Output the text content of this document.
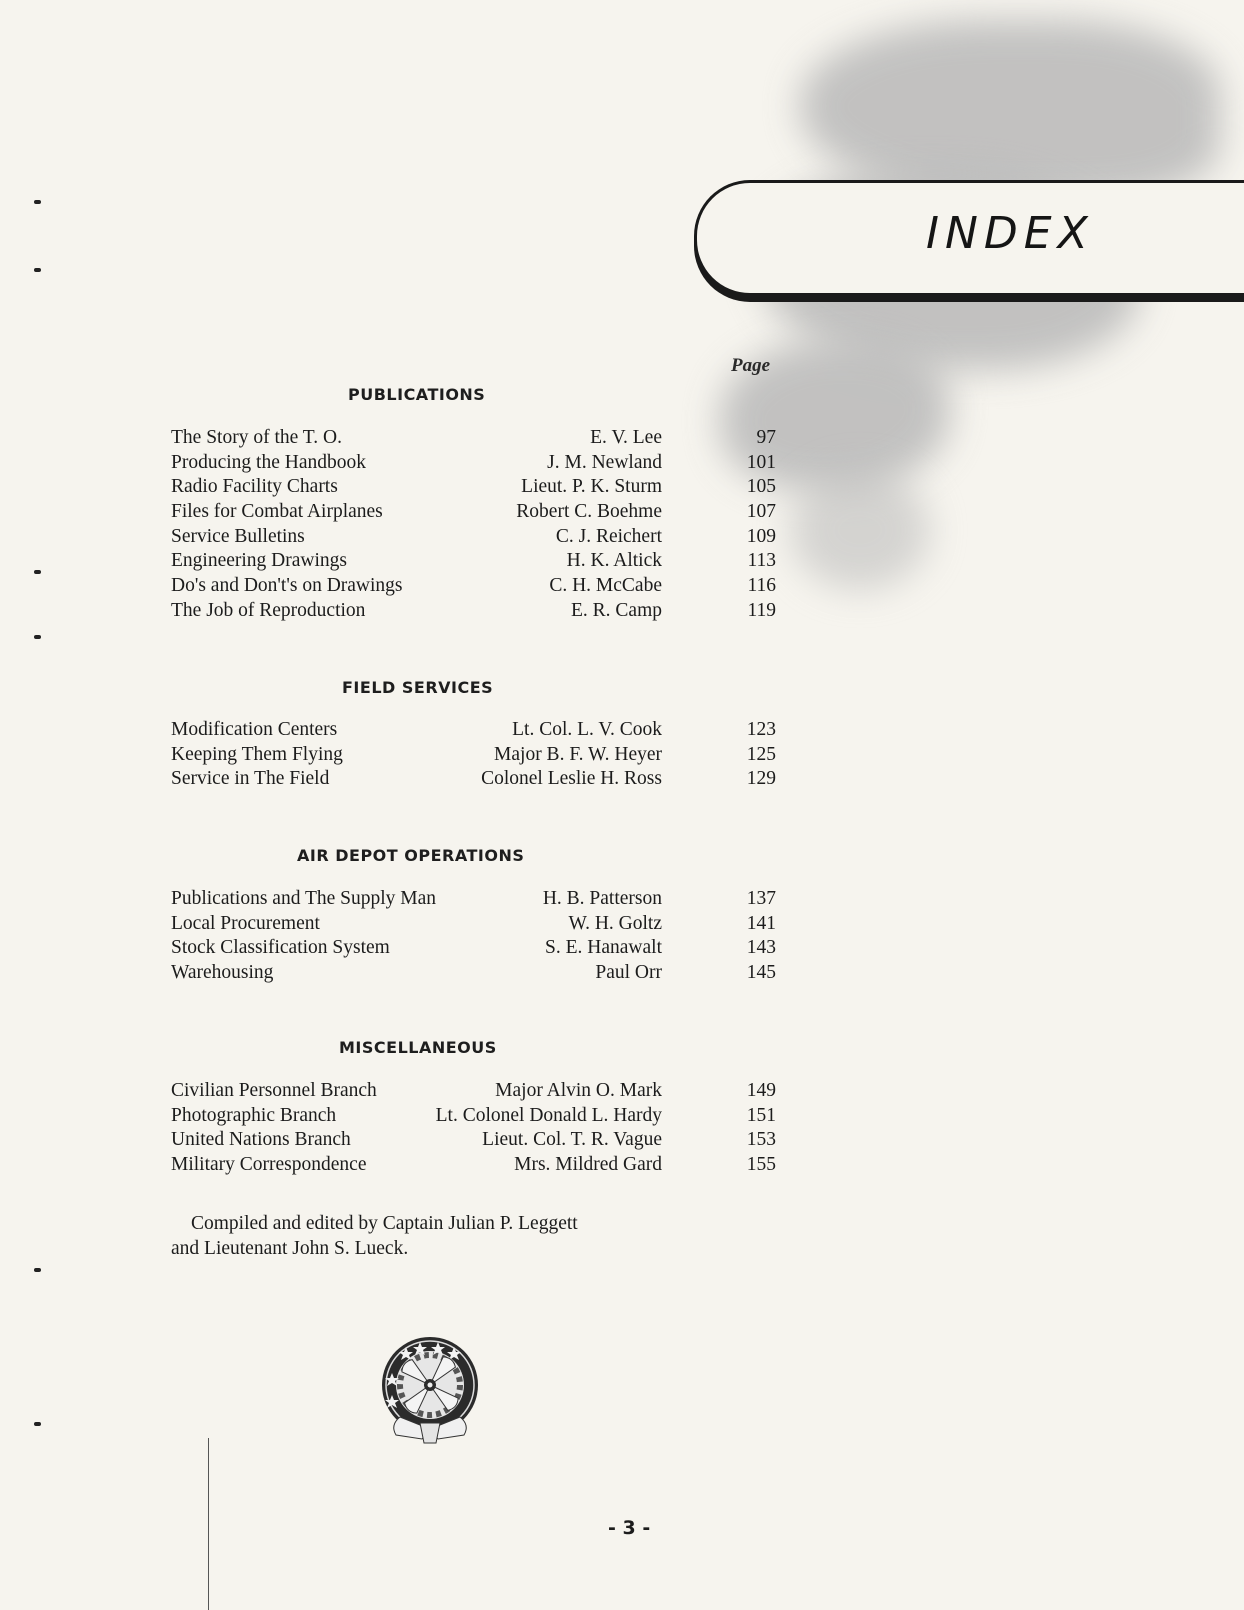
INDEX
Page
PUBLICATIONS
The Story of the T. O.	E. V. Lee	97
Producing the Handbook	J. M. Newland	101
Radio Facility Charts	Lieut. P. K. Sturm	105
Files for Combat Airplanes	Robert C. Boehme	107
Service Bulletins	C. J. Reichert	109
Engineering Drawings	H. K. Altick	113
Do's and Don't's on Drawings	C. H. McCabe	116
The Job of Reproduction	E. R. Camp	119
FIELD SERVICES
Modification Centers	Lt. Col. L. V. Cook	123
Keeping Them Flying	Major B. F. W. Heyer	125
Service in The Field	Colonel Leslie H. Ross	129
AIR DEPOT OPERATIONS
Publications and The Supply Man	H. B. Patterson	137
Local Procurement	W. H. Goltz	141
Stock Classification System	S. E. Hanawalt	143
Warehousing	Paul Orr	145
MISCELLANEOUS
Civilian Personnel Branch	Major Alvin O. Mark	149
Photographic Branch	Lt. Colonel Donald L. Hardy	151
United Nations Branch	Lieut. Col. T. R. Vague	153
Military Correspondence	Mrs. Mildred Gard	155
Compiled and edited by Captain Julian P. Leggett
and Lieutenant John S. Lueck.
- 3 -
